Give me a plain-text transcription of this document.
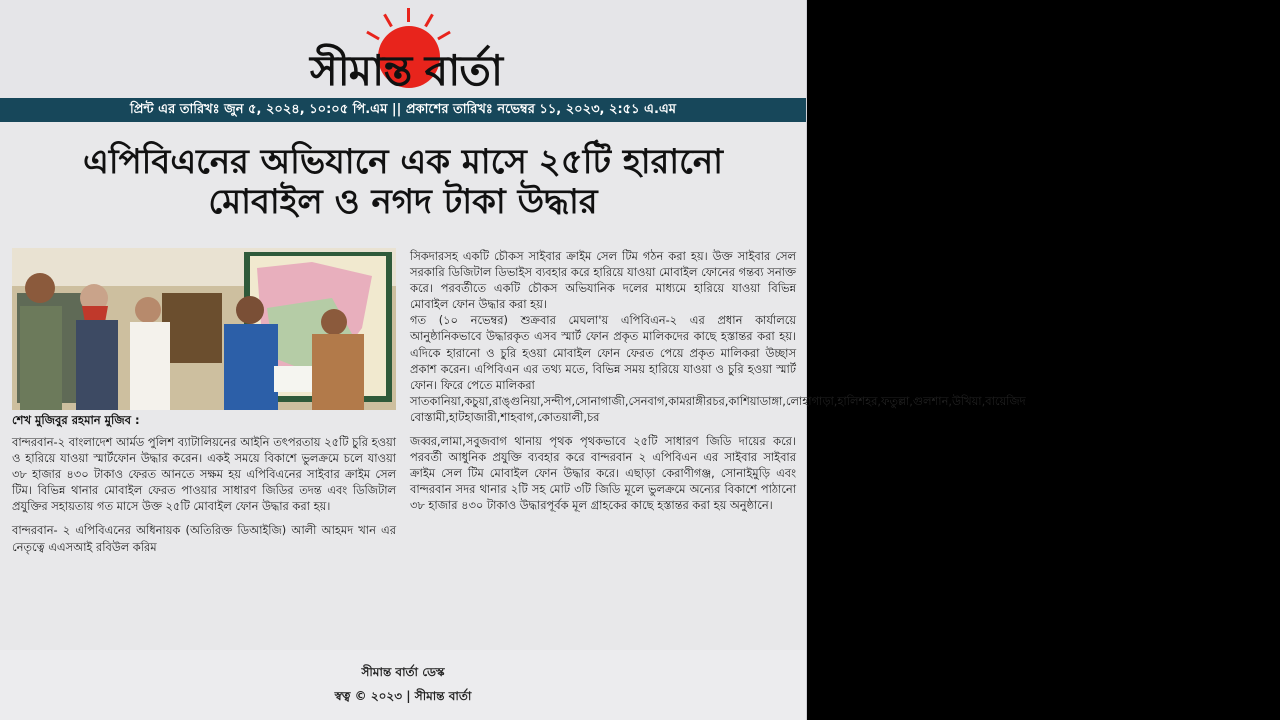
সীমান্ত বার্তা
প্রিন্ট এর তারিখঃ জুন ৫, ২০২৪, ১০:০৫ পি.এম || প্রকাশের তারিখঃ নভেম্বর ১১, ২০২৩, ২:৫১ এ.এম
এপিবিএনের অভিযানে এক মাসে ২৫টি হারানো মোবাইল ও নগদ টাকা উদ্ধার
শেখ মুজিবুর রহমান মুজিব :

বান্দরবান-২ বাংলাদেশ আর্মড পুলিশ ব্যাটালিয়নের আইনি তৎপরতায় ২৫টি চুরি হওয়া ও হারিয়ে যাওয়া স্মার্টফোন উদ্ধার করেন। একই সময়ে বিকাশে ভুলক্রমে চলে যাওয়া ৩৮ হাজার ৪৩০ টাকাও ফেরত আনতে সক্ষম হয় এপিবিএনের সাইবার ক্রাইম সেল টিম। বিভিন্ন থানার মোবাইল ফেরত পাওয়ার সাধারণ জিডির তদন্ত এবং ডিজিটাল প্রযুক্তির সহায়তায় গত মাসে উক্ত ২৫টি মোবাইল ফোন উদ্ধার করা হয়।

বান্দরবান- ২ এপিবিএনের অধিনায়ক (অতিরিক্ত ডিআইজি) আলী আহমদ খান এর নেতৃত্বে এএসআই রবিউল করিম

সিকদারসহ একটি চৌকস সাইবার ক্রাইম সেল টিম গঠন করা হয়। উক্ত সাইবার সেল সরকারি ডিজিটাল ডিভাইস ব্যবহার করে হারিয়ে যাওয়া মোবাইল ফোনের গন্তব্য সনাক্ত করে। পরবর্তীতে একটি চৌকস অভিযানিক দলের মাধ্যমে হারিয়ে যাওয়া বিভিন্ন মোবাইল ফোন উদ্ধার করা হয়।

গত (১০ নভেম্বর) শুক্রবার মেঘলা'য় এপিবিএন-২ এর প্রধান কার্যালয়ে আনুষ্ঠানিকভাবে উদ্ধারকৃত এসব স্মার্ট ফোন প্রকৃত মালিকদের কাছে হস্তান্তর করা হয়। এদিকে হারানো ও চুরি হওয়া মোবাইল ফোন ফেরত পেয়ে প্রকৃত মালিকরা উচ্ছাস প্রকাশ করেন। এপিবিএন এর তথ্য মতে, বিভিন্ন সময় হারিয়ে যাওয়া ও চুরি হওয়া স্মার্ট ফোন। ফিরে পেতে মালিকরা

সাতকানিয়া,কচুয়া,রাঙ্গুনিয়া,সন্দীপ,সোনাগাজী,সেনবাগ,কামরাঙ্গীরচর,কাশিয়াডাঙ্গা,লোহাগাড়া,হালিশহর,ফতুল্লা,গুলশান,উখিয়া,বায়েজিদ

বোস্তামী,হাটহাজারী,শাহবাগ,কোতয়ালী,চর

জব্বর,লামা,সবুজবাগ থানায় পৃথক পৃথকভাবে ২৫টি সাধারণ জিডি দায়ের করে। পরবর্তী আধুনিক প্রযুক্তি ব্যবহার করে বান্দরবান ২ এপিবিএন এর সাইবার সাইবার ক্রাইম সেল টিম মোবাইল ফোন উদ্ধার করে। এছাড়া কেরাণীগঞ্জ, সোনাইমুড়ি এবং বান্দরবান সদর থানার ২টি সহ মোট ৩টি জিডি মূলে ভুলক্রমে অন্যের বিকাশে পাঠানো ৩৮ হাজার ৪৩০ টাকাও উদ্ধারপূর্বক মূল গ্রাহকের কাছে হস্তান্তর করা হয় অনুষ্ঠানে।

সীমান্ত বার্তা ডেস্ক
স্বত্ব © ২০২৩ | সীমান্ত বার্তা
